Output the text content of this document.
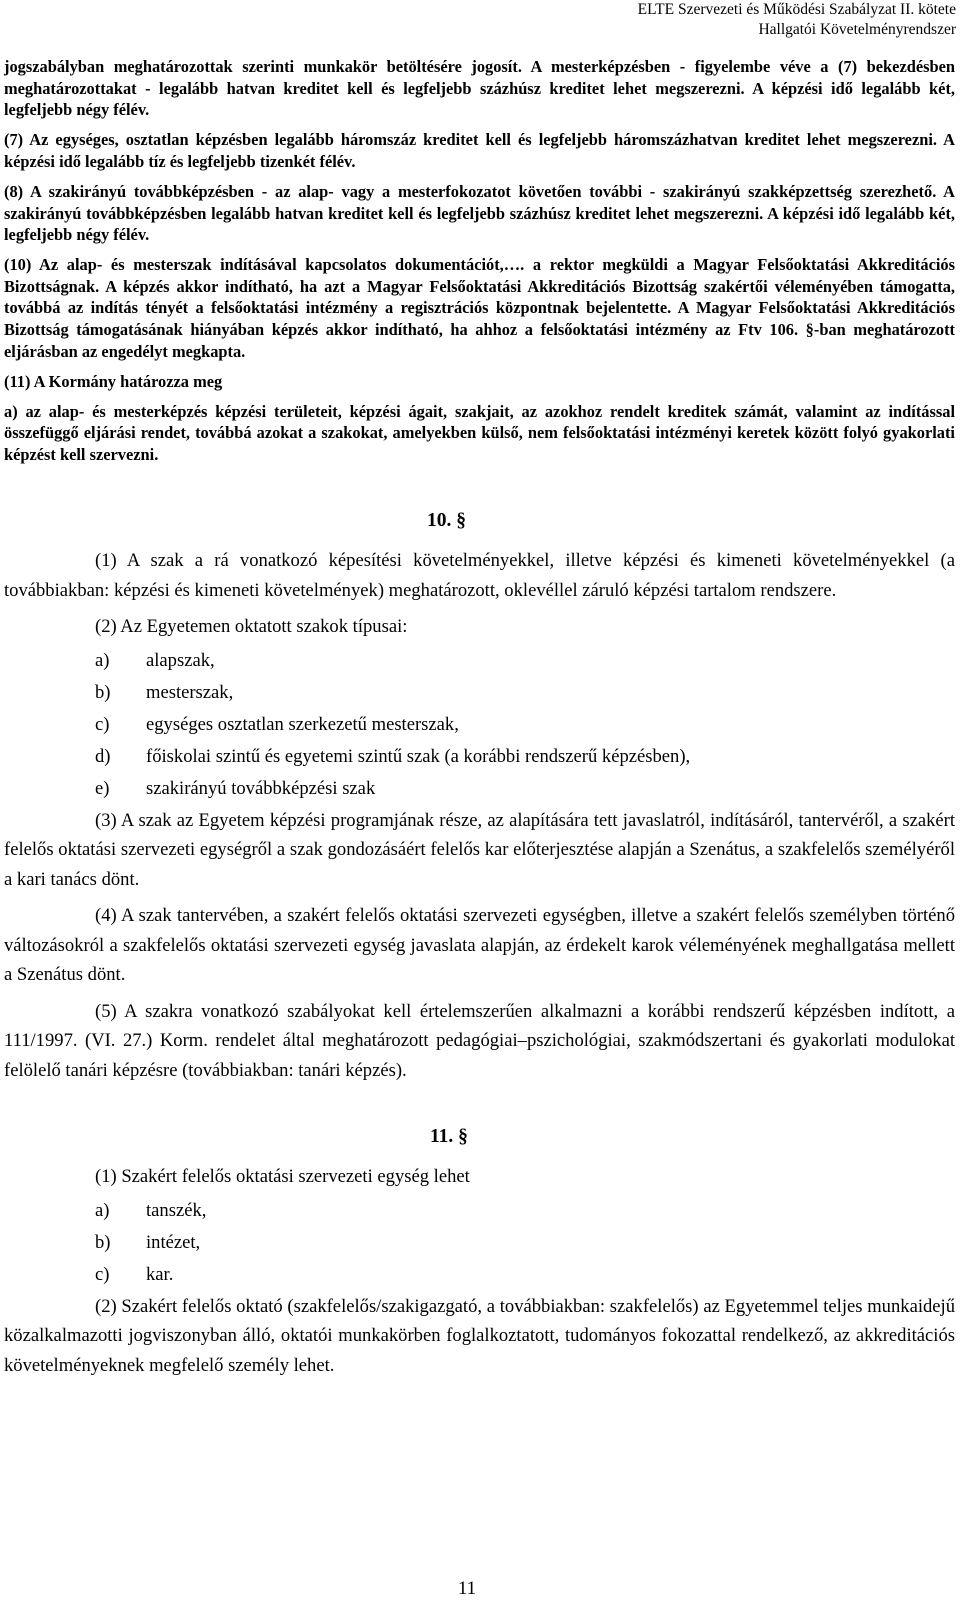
ELTE Szervezeti és Működési Szabályzat II. kötete
Hallgatói Követelményrendszer

jogszabályban meghatározottak szerinti munkakör betöltésére jogosít. A mesterképzésben - figyelembe véve a (7) bekezdésben meghatározottakat - legalább hatvan kreditet kell és legfeljebb százhúsz kreditet lehet megszerezni. A képzési idő legalább két, legfeljebb négy félév.

(7) Az egységes, osztatlan képzésben legalább háromszáz kreditet kell és legfeljebb háromszázhatvan kreditet lehet megszerezni. A képzési idő legalább tíz és legfeljebb tizenkét félév.

(8) A szakirányú továbbképzésben - az alap- vagy a mesterfokozatot követően további - szakirányú szakképzettség szerezhető. A szakirányú továbbképzésben legalább hatvan kreditet kell és legfeljebb százhúsz kreditet lehet megszerezni. A képzési idő legalább két, legfeljebb négy félév.

(10) Az alap- és mesterszak indításával kapcsolatos dokumentációt,…. a rektor megküldi a Magyar Felsőoktatási Akkreditációs Bizottságnak. A képzés akkor indítható, ha azt a Magyar Felsőoktatási Akkreditációs Bizottság szakértői véleményében támogatta, továbbá az indítás tényét a felsőoktatási intézmény a regisztrációs központnak bejelentette. A Magyar Felsőoktatási Akkreditációs Bizottság támogatásának hiányában képzés akkor indítható, ha ahhoz a felsőoktatási intézmény az Ftv 106. §-ban meghatározott eljárásban az engedélyt megkapta.

(11) A Kormány határozza meg

a) az alap- és mesterképzés képzési területeit, képzési ágait, szakjait, az azokhoz rendelt kreditek számát, valamint az indítással összefüggő eljárási rendet, továbbá azokat a szakokat, amelyekben külső, nem felsőoktatási intézményi keretek között folyó gyakorlati képzést kell szervezni.

10. §

(1) A szak a rá vonatkozó képesítési követelményekkel, illetve képzési és kimeneti követelményekkel (a továbbiakban: képzési és kimeneti követelmények) meghatározott, oklevéllel záruló képzési tartalom rendszere.

(2) Az Egyetemen oktatott szakok típusai:

a) alapszak,
b) mesterszak,
c) egységes osztatlan szerkezetű mesterszak,
d) főiskolai szintű és egyetemi szintű szak (a korábbi rendszerű képzésben),
e) szakirányú továbbképzési szak

(3) A szak az Egyetem képzési programjának része, az alapítására tett javaslatról, indításáról, tantervéről, a szakért felelős oktatási szervezeti egységről a szak gondozásáért felelős kar előterjesztése alapján a Szenátus, a szakfelelős személyéről a kari tanács dönt.

(4) A szak tantervében, a szakért felelős oktatási szervezeti egységben, illetve a szakért felelős személyben történő változásokról a szakfelelős oktatási szervezeti egység javaslata alapján, az érdekelt karok véleményének meghallgatása mellett a Szenátus dönt.

(5) A szakra vonatkozó szabályokat kell értelemszerűen alkalmazni a korábbi rendszerű képzésben indított, a 111/1997. (VI. 27.) Korm. rendelet által meghatározott pedagógiai–pszichológiai, szakmódszertani és gyakorlati modulokat felölelő tanári képzésre (továbbiakban: tanári képzés).

11. §

(1) Szakért felelős oktatási szervezeti egység lehet

a) tanszék,
b) intézet,
c) kar.

(2) Szakért felelős oktató (szakfelelős/szakigazgató, a továbbiakban: szakfelelős) az Egyetemmel teljes munkaidejű közalkalmazotti jogviszonyban álló, oktatói munkakörben foglalkoztatott, tudományos fokozattal rendelkező, az akkreditációs követelményeknek megfelelő személy lehet.

11
